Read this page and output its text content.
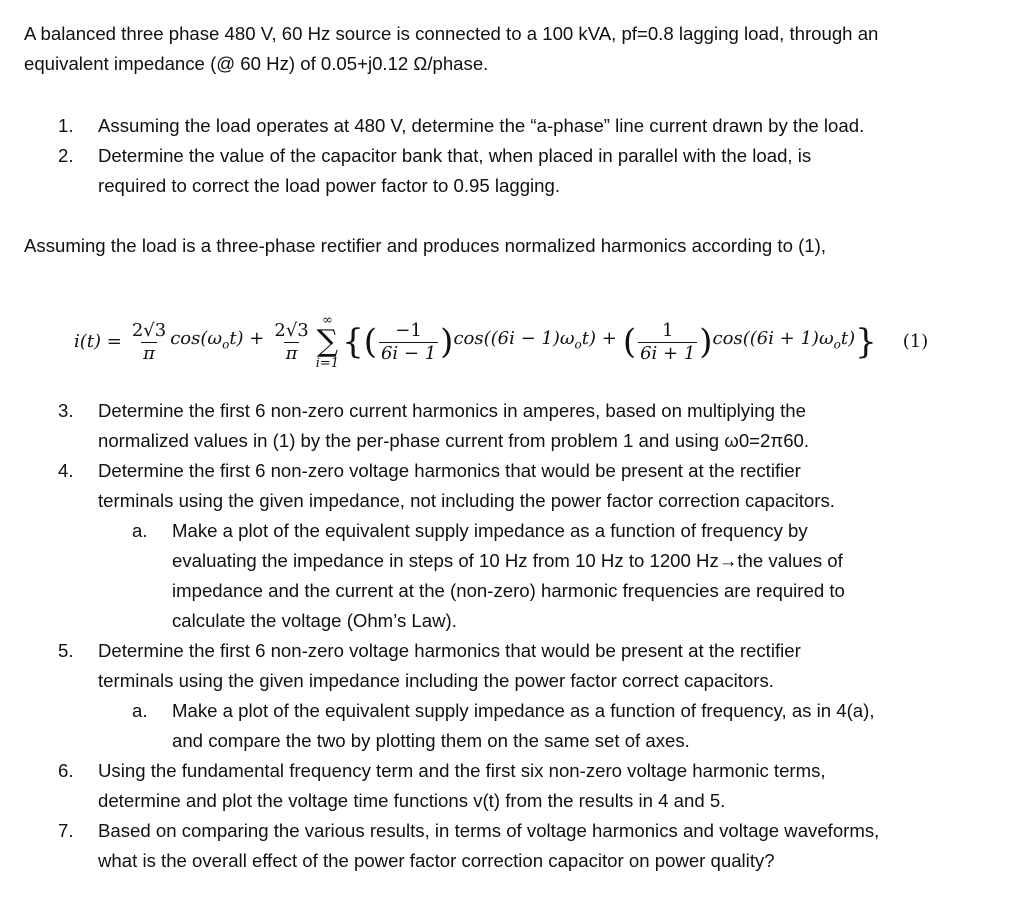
A balanced three phase 480 V, 60 Hz source is connected to a 100 kVA, pf=0.8 lagging load, through an
equivalent impedance (@ 60 Hz) of 0.05+j0.12 Ω/phase.

1.	Assuming the load operates at 480 V, determine the “a-phase” line current drawn by the load.
2.	Determine the value of the capacitor bank that, when placed in parallel with the load, is
required to correct the load power factor to 0.95 lagging.

Assuming the load is a three-phase rectifier and produces normalized harmonics according to (1),

$i(t) = \frac{2√3}{\pi} \cos(\omega_ot) + \frac{2√3}{\pi}$ ∞
∑
i=1
{ ( $\frac{-1}{6i - 1}$ ) $\cos((6i - 1)\omega_ot)$ + ( $\frac{1}{6i + 1}$ ) $\cos((6i + 1)\omega_ot)$ } (1)
3.	Determine the first 6 non-zero current harmonics in amperes, based on multiplying the
normalized values in (1) by the per-phase current from problem 1 and using ω0=2π60.
4.	Determine the first 6 non-zero voltage harmonics that would be present at the rectifier
terminals using the given impedance, not including the power factor correction capacitors.
a.	Make a plot of the equivalent supply impedance as a function of frequency by
evaluating the impedance in steps of 10 Hz from 10 Hz to 1200 Hz→the values of
impedance and the current at the (non-zero) harmonic frequencies are required to
calculate the voltage (Ohm’s Law).
5.	Determine the first 6 non-zero voltage harmonics that would be present at the rectifier
terminals using the given impedance including the power factor correct capacitors.
a.	Make a plot of the equivalent supply impedance as a function of frequency, as in 4(a),
and compare the two by plotting them on the same set of axes.
6.	Using the fundamental frequency term and the first six non-zero voltage harmonic terms,
determine and plot the voltage time functions v(t) from the results in 4 and 5.
7.	Based on comparing the various results, in terms of voltage harmonics and voltage waveforms,
what is the overall effect of the power factor correction capacitor on power quality?
